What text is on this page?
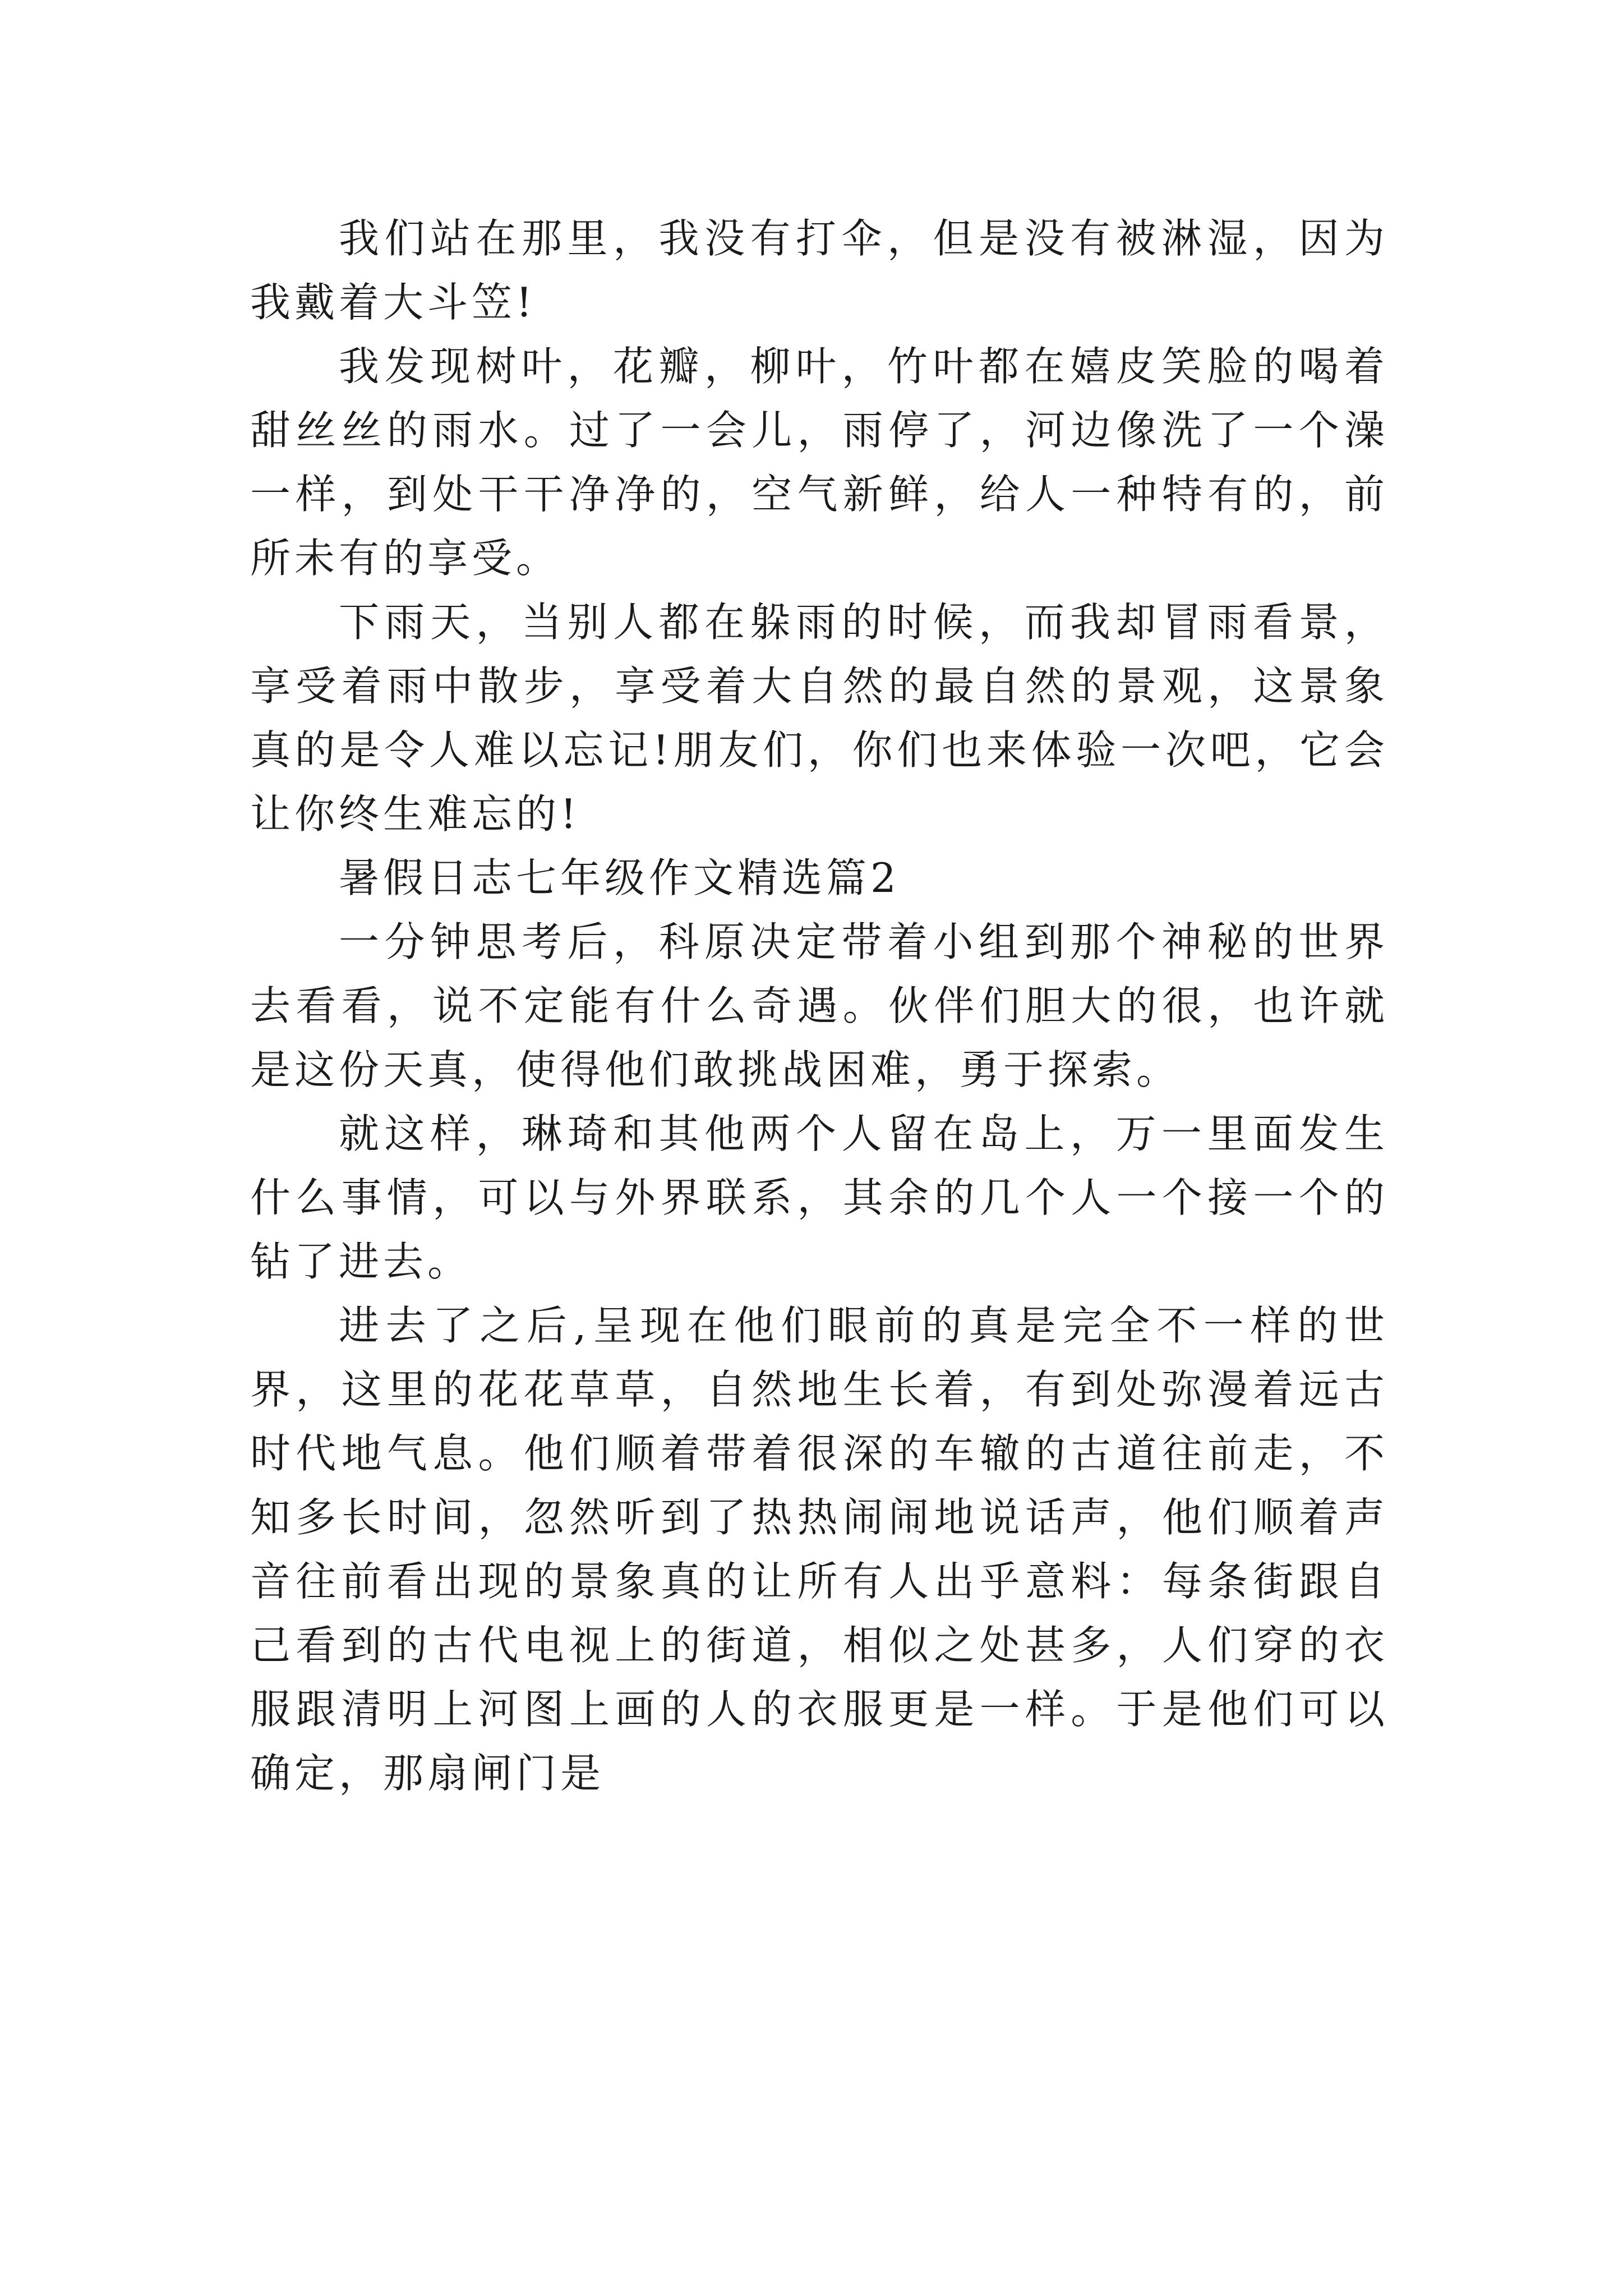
我们站在那里，我没有打伞，但是没有被淋湿，因为我戴着大斗笠!

我发现树叶，花瓣，柳叶，竹叶都在嬉皮笑脸的喝着甜丝丝的雨水。过了一会儿，雨停了，河边像洗了一个澡一样，到处干干净净的，空气新鲜，给人一种特有的，前所未有的享受。

下雨天，当别人都在躲雨的时候，而我却冒雨看景，享受着雨中散步，享受着大自然的最自然的景观，这景象真的是令人难以忘记!朋友们，你们也来体验一次吧，它会让你终生难忘的!

暑假日志七年级作文精选篇2

一分钟思考后，科原决定带着小组到那个神秘的世界去看看，说不定能有什么奇遇。伙伴们胆大的很，也许就是这份天真，使得他们敢挑战困难，勇于探索。

就这样，琳琦和其他两个人留在岛上，万一里面发生什么事情，可以与外界联系，其余的几个人一个接一个的钻了进去。

进去了之后,呈现在他们眼前的真是完全不一样的世界，这里的花花草草，自然地生长着，有到处弥漫着远古时代地气息。他们顺着带着很深的车辙的古道往前走，不知多长时间，忽然听到了热热闹闹地说话声，他们顺着声音往前看出现的景象真的让所有人出乎意料：每条街跟自己看到的古代电视上的街道，相似之处甚多，人们穿的衣服跟清明上河图上画的人的衣服更是一样。于是他们可以确定，那扇闸门是
